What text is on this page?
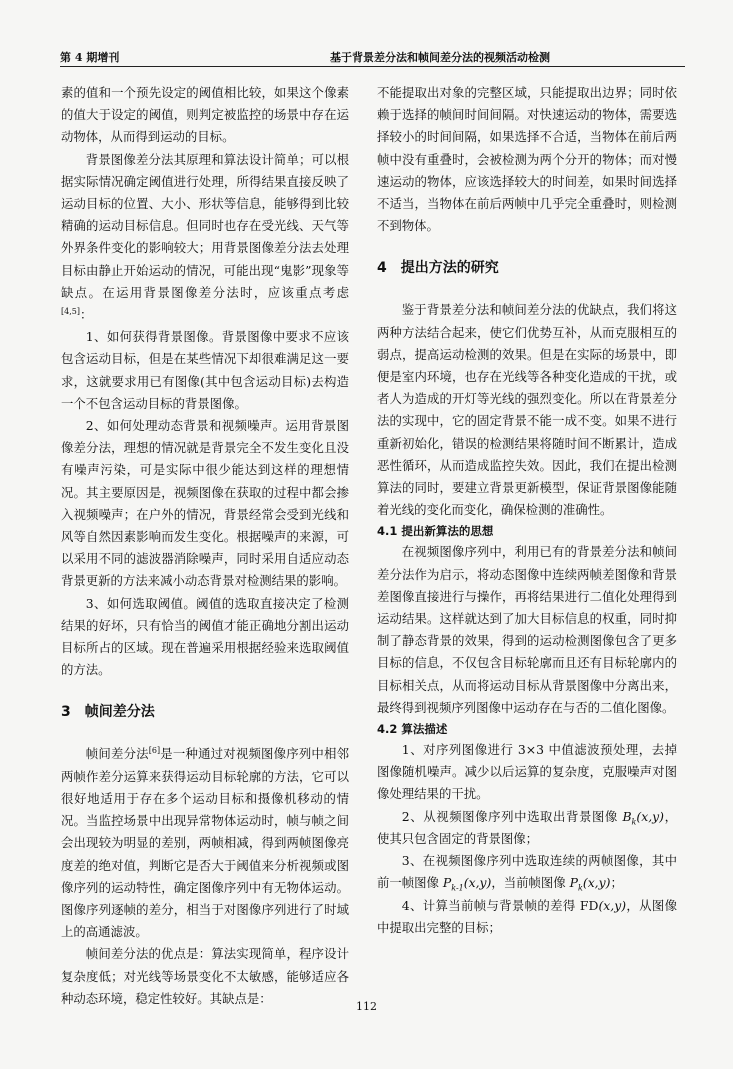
第 4 期增刊	基于背景差分法和帧间差分法的视频活动检测

素的值和一个预先设定的阈值相比较，如果这个像素的值大于设定的阈值，则判定被监控的场景中存在运动物体，从而得到运动的目标。

背景图像差分法其原理和算法设计简单；可以根据实际情况确定阈值进行处理，所得结果直接反映了运动目标的位置、大小、形状等信息，能够得到比较精确的运动目标信息。但同时也存在受光线、天气等外界条件变化的影响较大；用背景图像差分法去处理目标由静止开始运动的情况，可能出现“鬼影”现象等缺点。在运用背景图像差分法时，应该重点考虑[4,5]：

1、如何获得背景图像。背景图像中要求不应该包含运动目标，但是在某些情况下却很难满足这一要求，这就要求用已有图像(其中包含运动目标)去构造一个不包含运动目标的背景图像。

2、如何处理动态背景和视频噪声。运用背景图像差分法，理想的情况就是背景完全不发生变化且没有噪声污染，可是实际中很少能达到这样的理想情况。其主要原因是，视频图像在获取的过程中都会掺入视频噪声；在户外的情况，背景经常会受到光线和风等自然因素影响而发生变化。根据噪声的来源，可以采用不同的滤波器消除噪声，同时采用自适应动态背景更新的方法来减小动态背景对检测结果的影响。

3、如何选取阈值。阈值的选取直接决定了检测结果的好坏，只有恰当的阈值才能正确地分割出运动目标所占的区域。现在普遍采用根据经验来选取阈值的方法。

3　帧间差分法

帧间差分法[6]是一种通过对视频图像序列中相邻两帧作差分运算来获得运动目标轮廓的方法，它可以很好地适用于存在多个运动目标和摄像机移动的情况。当监控场景中出现异常物体运动时，帧与帧之间会出现较为明显的差别，两帧相减，得到两帧图像亮度差的绝对值，判断它是否大于阈值来分析视频或图像序列的运动特性，确定图像序列中有无物体运动。图像序列逐帧的差分，相当于对图像序列进行了时域上的高通滤波。

帧间差分法的优点是：算法实现简单，程序设计复杂度低；对光线等场景变化不太敏感，能够适应各种动态环境，稳定性较好。其缺点是：

不能提取出对象的完整区域，只能提取出边界；同时依赖于选择的帧间时间间隔。对快速运动的物体，需要选择较小的时间间隔，如果选择不合适，当物体在前后两帧中没有重叠时，会被检测为两个分开的物体；而对慢速运动的物体，应该选择较大的时间差，如果时间选择不适当，当物体在前后两帧中几乎完全重叠时，则检测不到物体。

4　提出方法的研究

鉴于背景差分法和帧间差分法的优缺点，我们将这两种方法结合起来，使它们优势互补，从而克服相互的弱点，提高运动检测的效果。但是在实际的场景中，即便是室内环境，也存在光线等各种变化造成的干扰，或者人为造成的开灯等光线的强烈变化。所以在背景差分法的实现中，它的固定背景不能一成不变。如果不进行重新初始化，错误的检测结果将随时间不断累计，造成恶性循环，从而造成监控失效。因此，我们在提出检测算法的同时，要建立背景更新模型，保证背景图像能随着光线的变化而变化，确保检测的准确性。

4.1 提出新算法的思想

在视频图像序列中，利用已有的背景差分法和帧间差分法作为启示，将动态图像中连续两帧差图像和背景差图像直接进行与操作，再将结果进行二值化处理得到运动结果。这样就达到了加大目标信息的权重，同时抑制了静态背景的效果，得到的运动检测图像包含了更多目标的信息，不仅包含目标轮廓而且还有目标轮廓内的目标相关点，从而将运动目标从背景图像中分离出来，最终得到视频序列图像中运动存在与否的二值化图像。

4.2 算法描述

1、对序列图像进行 3×3 中值滤波预处理，去掉图像随机噪声。减少以后运算的复杂度，克服噪声对图像处理结果的干扰。

2、从视频图像序列中选取出背景图像 $B_k(x,y)$，使其只包含固定的背景图像；

3、在视频图像序列中选取连续的两帧图像，其中前一帧图像 $P_{k-1}(x,y)$，当前帧图像 $P_k(x,y)$；

4、计算当前帧与背景帧的差得 FD(x,y)，从图像中提取出完整的目标；

112
